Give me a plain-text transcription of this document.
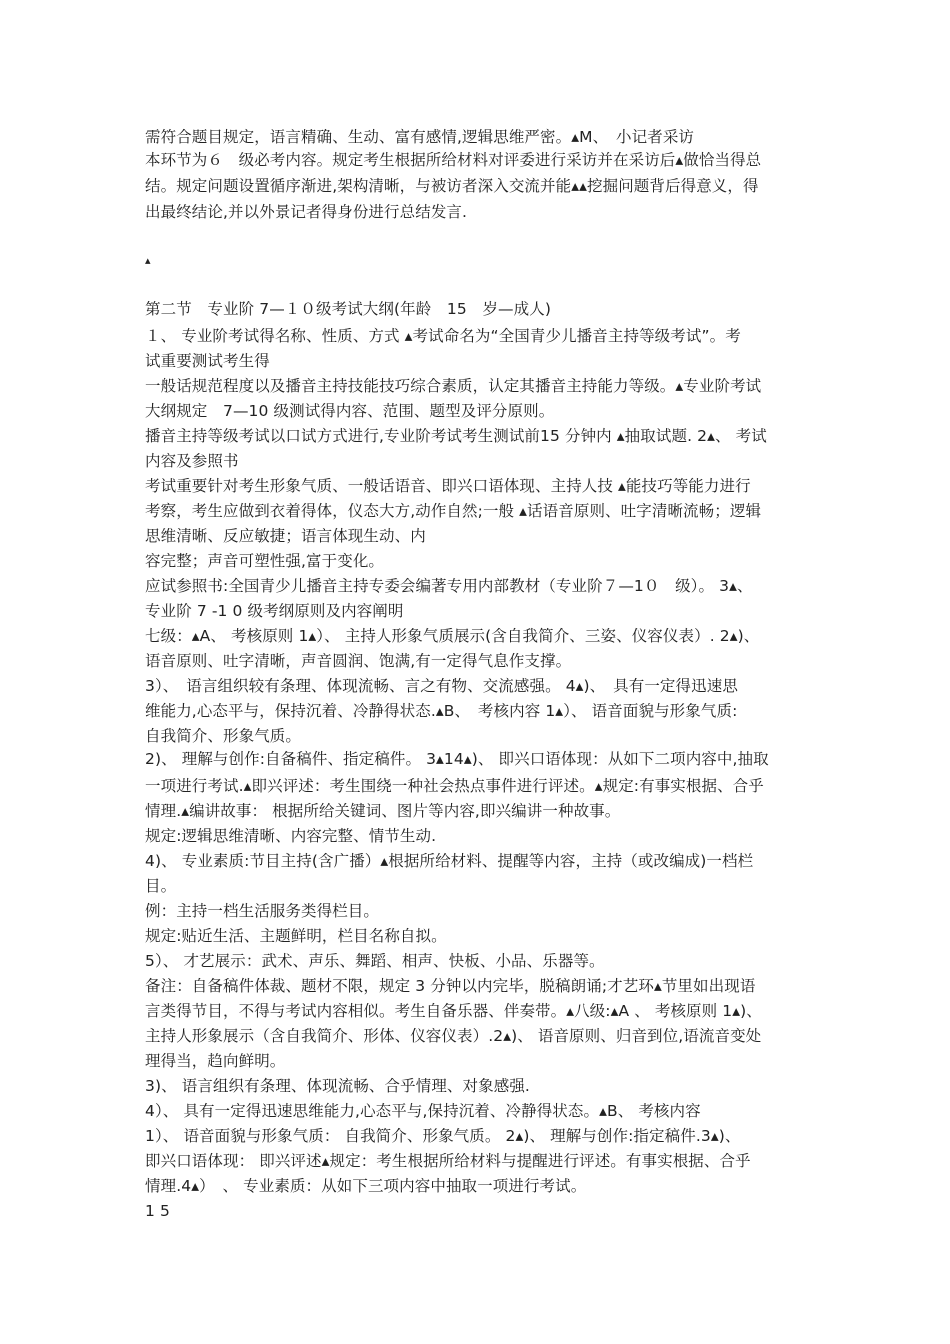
需符合题目规定，语言精确、生动、富有感情,逻辑思维严密。▴M、　小记者采访
本环节为６　级必考内容。规定考生根据所给材料对评委进行采访并在采访后▴做恰当得总
结。规定问题设置循序渐进,架构清晰，与被访者深入交流并能▴▴挖掘问题背后得意义，得
出最终结论,并以外景记者得身份进行总结发言.
第二节　专业阶 7—１０级考试大纲(年龄　15　岁—成人)
１、 专业阶考试得名称、性质、方式 ▴考试命名为“全国青少儿播音主持等级考试”。考
试重要测试考生得
一般话规范程度以及播音主持技能技巧综合素质，认定其播音主持能力等级。▴专业阶考试
大纲规定　7—10 级测试得内容、范围、题型及评分原则。
播音主持等级考试以口试方式进行,专业阶考试考生测试前15 分钟内 ▴抽取试题. 2▴、 考试
内容及参照书
考试重要针对考生形象气质、一般话语音、即兴口语体现、主持人技 ▴能技巧等能力进行
考察，考生应做到衣着得体，仪态大方,动作自然;一般 ▴话语音原则、吐字清晰流畅；逻辑
思维清晰、反应敏捷；语言体现生动、内
容完整；声音可塑性强,富于变化。
应试参照书:全国青少儿播音主持专委会编著专用内部教材（专业阶７—1０　级）。 3▴、
专业阶 7 -1 0 级考纲原则及内容阐明
七级：▴A、 考核原则 1▴）、 主持人形象气质展示(含自我简介、三姿、仪容仪表）. 2▴)、
语音原则、吐字清晰，声音圆润、饱满,有一定得气息作支撑。
3）、　语言组织较有条理、体现流畅、言之有物、交流感强。 4▴)、　具有一定得迅速思
维能力,心态平与，保持沉着、冷静得状态.▴B、　考核内容 1▴）、 语音面貌与形象气质:
自我简介、形象气质。
2)、 理解与创作:自备稿件、指定稿件。 3▴14▴)、 即兴口语体现：从如下二项内容中,抽取
一项进行考试.▴即兴评述：考生围绕一种社会热点事件进行评述。▴规定:有事实根据、合乎
情理.▴编讲故事： 根据所给关键词、图片等内容,即兴编讲一种故事。
规定:逻辑思维清晰、内容完整、情节生动.
4)、 专业素质:节目主持(含广播）▴根据所给材料、提醒等内容，主持（或改编成)一档栏
目。
例：主持一档生活服务类得栏目。
规定:贴近生活、主题鲜明，栏目名称自拟。
5）、 才艺展示：武术、声乐、舞蹈、相声、快板、小品、乐器等。
备注：自备稿件体裁、题材不限，规定 3 分钟以内完毕，脱稿朗诵;才艺环▴节里如出现语
言类得节目，不得与考试内容相似。考生自备乐器、伴奏带。▴八级:▴A 、 考核原则 1▴)、
主持人形象展示（含自我简介、形体、仪容仪表）.2▴)、 语音原则、归音到位,语流音变处
理得当，趋向鲜明。
3)、 语言组织有条理、体现流畅、合乎情理、对象感强.
4）、 具有一定得迅速思维能力,心态平与,保持沉着、冷静得状态。▴B、 考核内容
1）、 语音面貌与形象气质： 自我简介、形象气质。 2▴)、 理解与创作:指定稿件.3▴)、
即兴口语体现： 即兴评述▴规定：考生根据所给材料与提醒进行评述。有事实根据、合乎
情理.4▴）　、 专业素质：从如下三项内容中抽取一项进行考试。
1 5
▴
